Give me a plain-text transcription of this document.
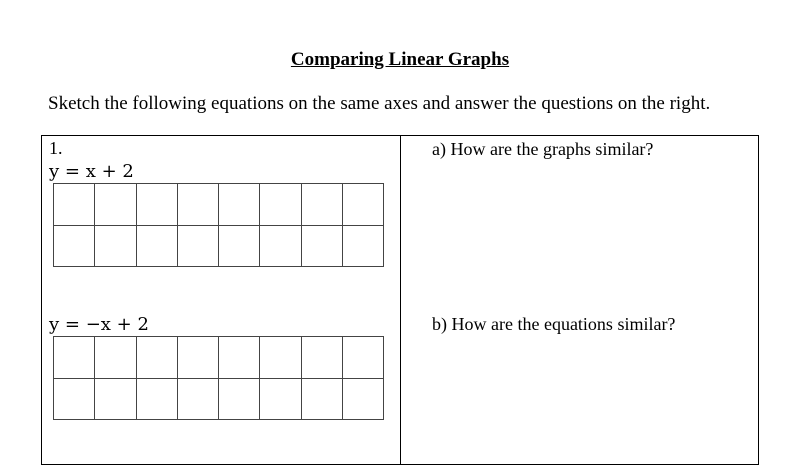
Comparing Linear Graphs
Sketch the following equations on the same axes and answer the questions on the right.
1.
y = x + 2
y = −x + 2
a) How are the graphs similar?
b) How are the equations similar?
